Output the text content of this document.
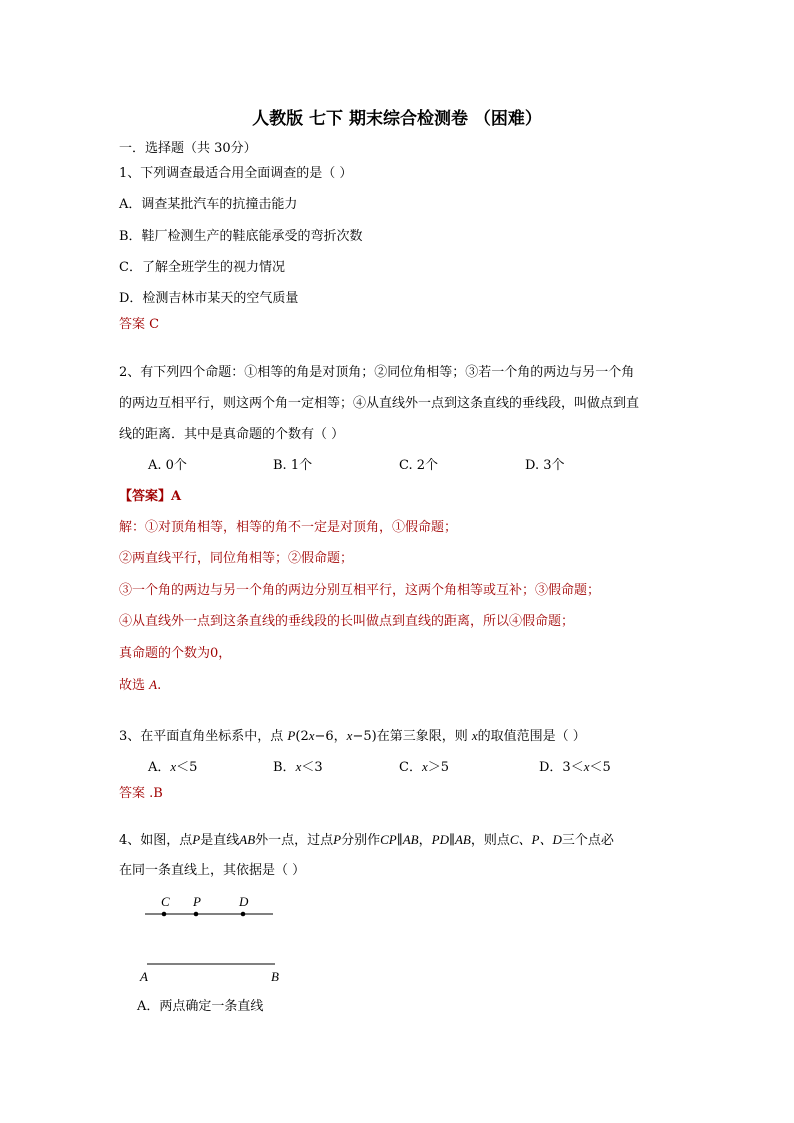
人教版 七下 期末综合检测卷 （困难）
一．选择题（共 30分）
1、下列调查最适合用全面调查的是（ ）
A．调查某批汽车的抗撞击能力
B．鞋厂检测生产的鞋底能承受的弯折次数
C．了解全班学生的视力情况
D．检测吉林市某天的空气质量
答案 C
2、有下列四个命题：①相等的角是对顶角；②同位角相等；③若一个角的两边与另一个角
的两边互相平行，则这两个角一定相等；④从直线外一点到这条直线的垂线段，叫做点到直
线的距离．其中是真命题的个数有（ ）
A. 0个	B. 1个	C. 2个	D. 3个
【答案】A
解：①对顶角相等，相等的角不一定是对顶角，①假命题；
②两直线平行，同位角相等；②假命题；
③一个角的两边与另一个角的两边分别互相平行，这两个角相等或互补；③假命题；
④从直线外一点到这条直线的垂线段的长叫做点到直线的距离，所以④假命题；
真命题的个数为0，
故选 A.
3、在平面直角坐标系中，点 P(2x−6，x−5)在第三象限，则 x的取值范围是（ ）
A．x＜5	B．x＜3	C．x＞5	D．3＜x＜5
答案 .B
4、如图，点P是直线AB外一点，过点P分别作CP∥AB，PD∥AB，则点C、P、D三个点必
在同一条直线上，其依据是（ ）
C P	D
A	B
A．两点确定一条直线
